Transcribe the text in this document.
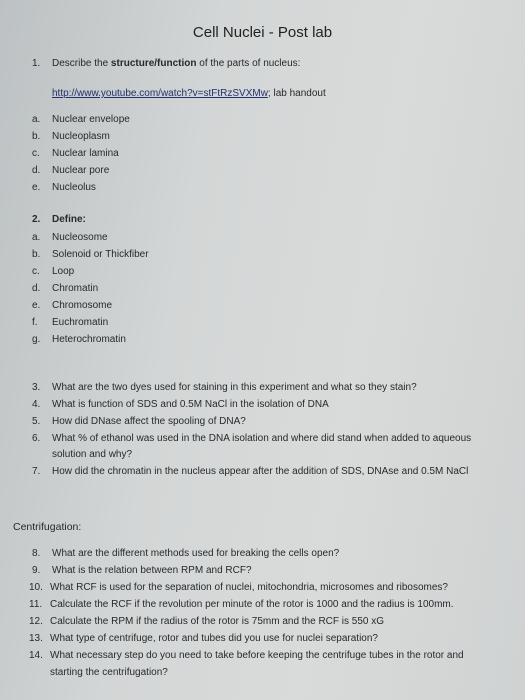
Cell Nuclei - Post lab
1. Describe the structure/function of the parts of nucleus:
http://www.youtube.com/watch?v=stFtRzSVXMw; lab handout
a. Nuclear envelope
b. Nucleoplasm
c. Nuclear lamina
d. Nuclear pore
e. Nucleolus
2. Define:
a. Nucleosome
b. Solenoid or Thickfiber
c. Loop
d. Chromatin
e. Chromosome
f. Euchromatin
g. Heterochromatin
3. What are the two dyes used for staining in this experiment and what so they stain?
4. What is function of SDS and 0.5M NaCl in the isolation of DNA
5. How did DNase affect the spooling of DNA?
6. What % of ethanol was used in the DNA isolation and where did stand when added to aqueous
solution and why?
7. How did the chromatin in the nucleus appear after the addition of SDS, DNAse and 0.5M NaCl
Centrifugation:
8. What are the different methods used for breaking the cells open?
9. What is the relation between RPM and RCF?
10. What RCF is used for the separation of nuclei, mitochondria, microsomes and ribosomes?
11. Calculate the RCF if the revolution per minute of the rotor is 1000 and the radius is 100mm.
12. Calculate the RPM if the radius of the rotor is 75mm and the RCF is 550 xG
13. What type of centrifuge, rotor and tubes did you use for nuclei separation?
14. What necessary step do you need to take before keeping the centrifuge tubes in the rotor and
starting the centrifugation?
